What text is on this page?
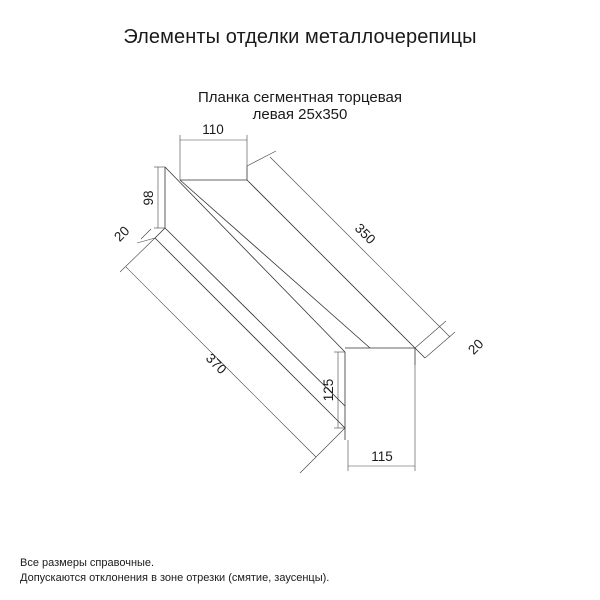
Элементы отделки металлочерепицы
Планка сегментная торцевая
левая 25х350
110
98
20	350
20
370
125
115
Все размеры справочные.
Допускаются отклонения в зоне отрезки (смятие, заусенцы).
